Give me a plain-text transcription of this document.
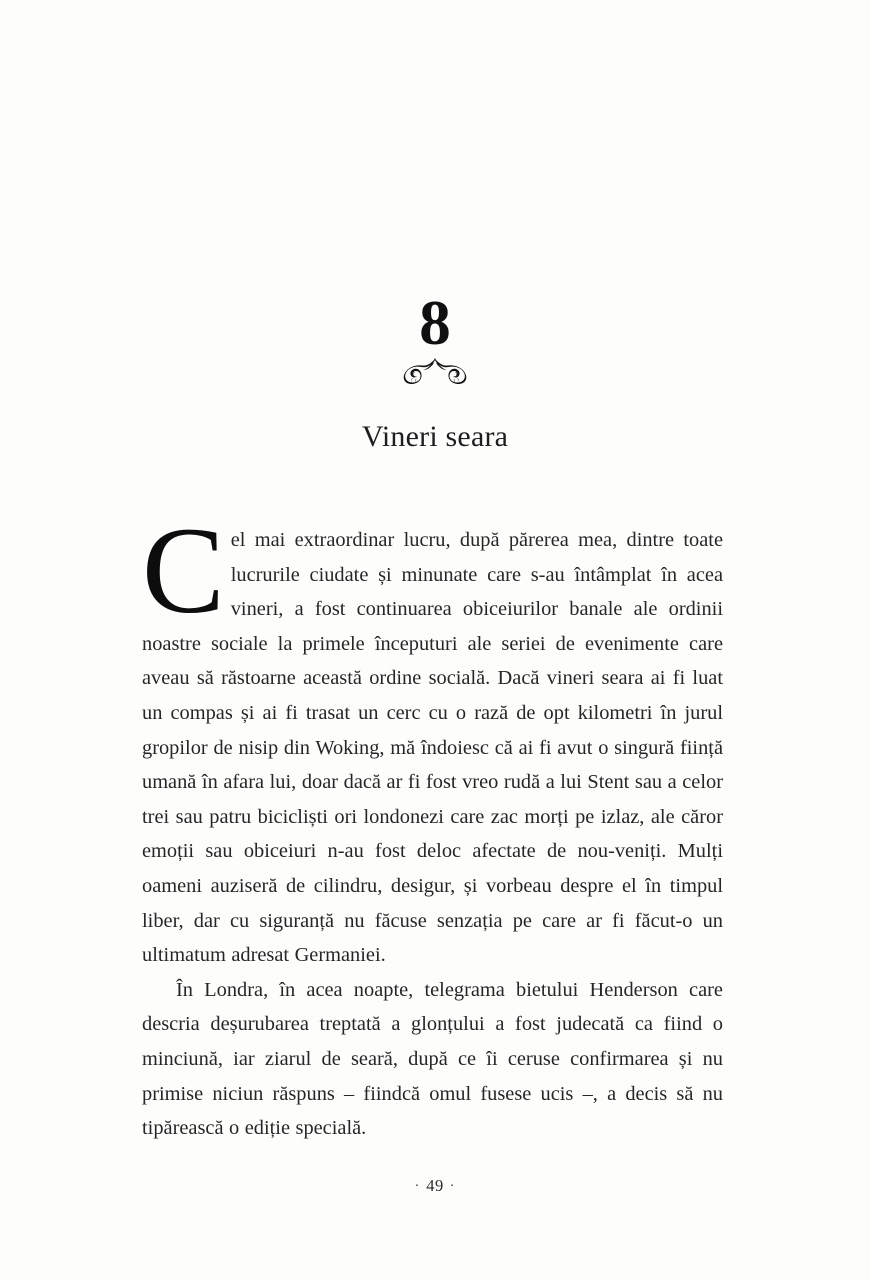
8
Vineri seara

Cel mai extraordinar lucru, după părerea mea, dintre toate lucrurile ciudate și minunate care s-au întâmplat în acea vineri, a fost continuarea obiceiurilor banale ale ordinii noastre sociale la primele începuturi ale seriei de evenimente care aveau să răstoarne această ordine socială. Dacă vineri seara ai fi luat un compas și ai fi trasat un cerc cu o rază de opt kilometri în jurul gropilor de nisip din Woking, mă îndoiesc că ai fi avut o singură ființă umană în afara lui, doar dacă ar fi fost vreo rudă a lui Stent sau a celor trei sau patru bicicliști ori londonezi care zac morți pe izlaz, ale căror emoții sau obiceiuri n-au fost deloc afectate de nou-veniți. Mulți oameni auziseră de cilindru, desigur, și vorbeau despre el în timpul liber, dar cu siguranță nu făcuse senzația pe care ar fi făcut-o un ultimatum adresat Germaniei.

În Londra, în acea noapte, telegrama bietului Henderson care descria deșurubarea treptată a glonțului a fost judecată ca fiind o minciună, iar ziarul de seară, după ce îi ceruse confirmarea și nu primise niciun răspuns – fiindcă omul fusese ucis –, a decis să nu tipărească o ediție specială.

· 49 ·
